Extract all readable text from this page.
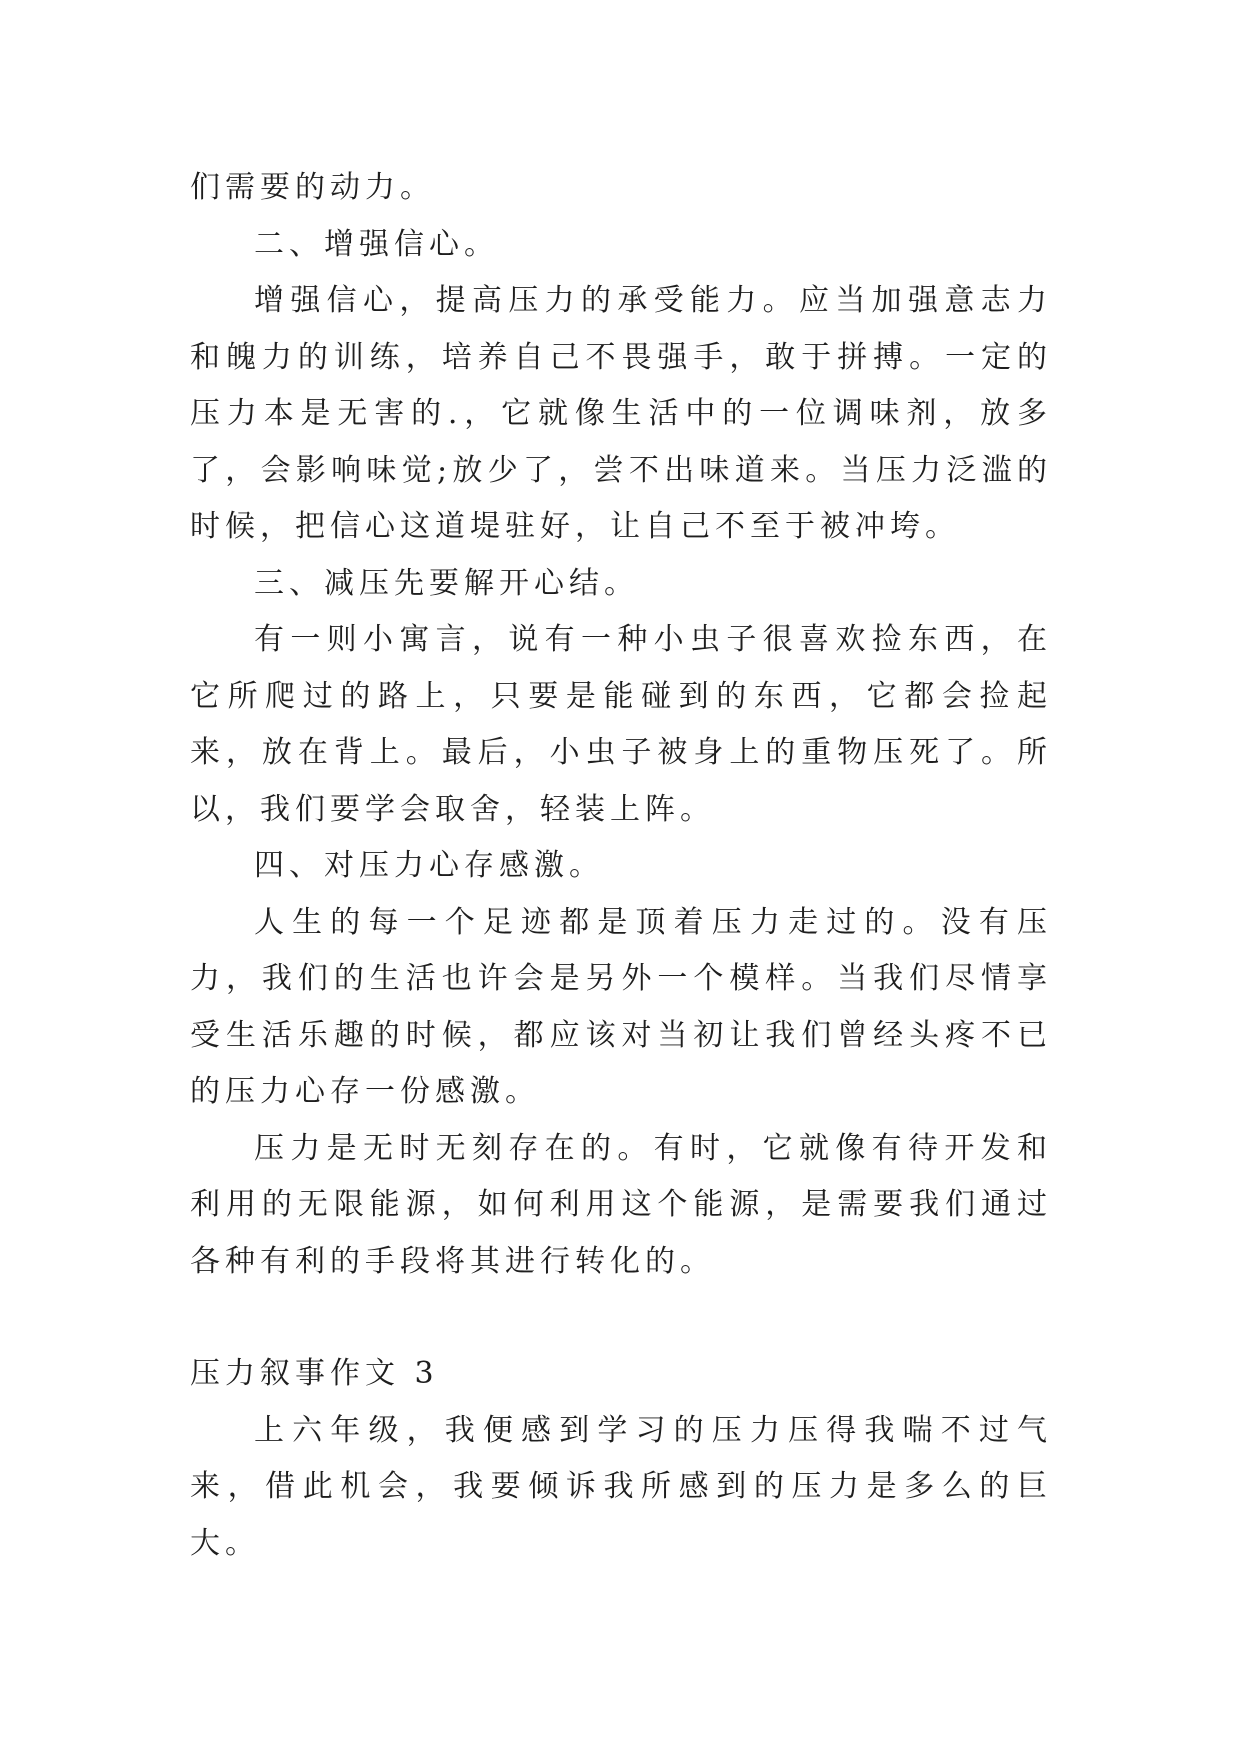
们需要的动力。

二、增强信心。

增强信心，提高压力的承受能力。应当加强意志力和魄力的训练，培养自己不畏强手，敢于拼搏。一定的压力本是无害的.，它就像生活中的一位调味剂，放多了，会影响味觉;放少了，尝不出味道来。当压力泛滥的时候，把信心这道堤驻好，让自己不至于被冲垮。

三、减压先要解开心结。

有一则小寓言，说有一种小虫子很喜欢捡东西，在它所爬过的路上，只要是能碰到的东西，它都会捡起来，放在背上。最后，小虫子被身上的重物压死了。所以，我们要学会取舍，轻装上阵。

四、对压力心存感激。

人生的每一个足迹都是顶着压力走过的。没有压力，我们的生活也许会是另外一个模样。当我们尽情享受生活乐趣的时候，都应该对当初让我们曾经头疼不已的压力心存一份感激。

压力是无时无刻存在的。有时，它就像有待开发和利用的无限能源，如何利用这个能源，是需要我们通过各种有利的手段将其进行转化的。

压力叙事作文 3

上六年级，我便感到学习的压力压得我喘不过气来，借此机会，我要倾诉我所感到的压力是多么的巨大。
